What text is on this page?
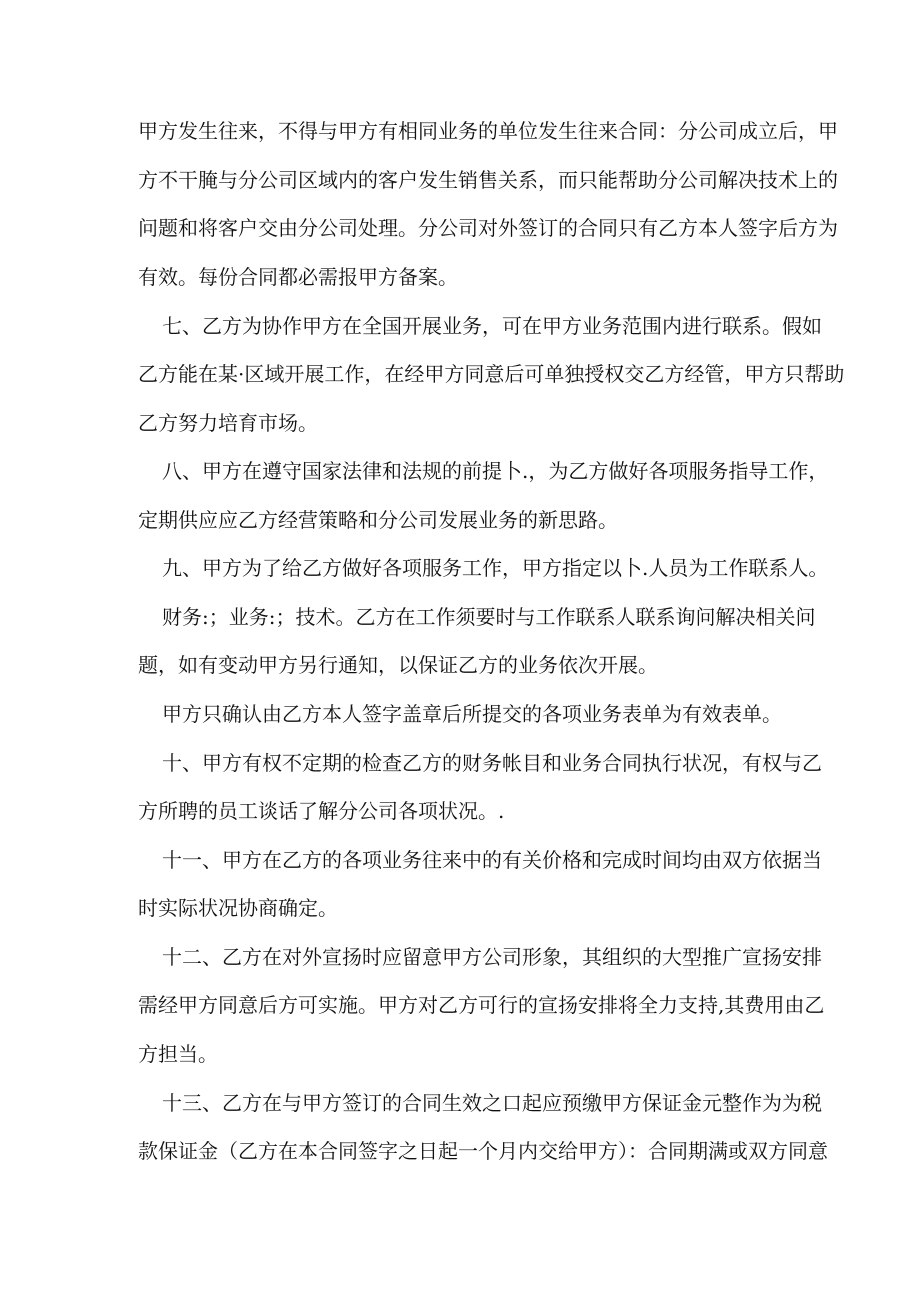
甲方发生往来，不得与甲方有相同业务的单位发生往来合同：分公司成立后，甲
方不干腌与分公司区域内的客户发生销售关系，而只能帮助分公司解决技术上的
问题和将客户交由分公司处理。分公司对外签订的合同只有乙方本人签字后方为
有效。每份合同都必需报甲方备案。
七、乙方为协作甲方在全国开展业务，可在甲方业务范围内进行联系。假如
乙方能在某·区域开展工作，在经甲方同意后可单独授权交乙方经管，甲方只帮助
乙方努力培育市场。
八、甲方在遵守国家法律和法规的前提卜.，为乙方做好各项服务指导工作，
定期供应应乙方经营策略和分公司发展业务的新思路。
九、甲方为了给乙方做好各项服务工作，甲方指定以卜.人员为工作联系人。
财务:；业务:；技术。乙方在工作须要时与工作联系人联系询问解决相关问
题，如有变动甲方另行通知，以保证乙方的业务依次开展。
甲方只确认由乙方本人签字盖章后所提交的各项业务表单为有效表单。
十、甲方有权不定期的检查乙方的财务帐目和业务合同执行状况，有权与乙
方所聘的员工谈话了解分公司各项状况。.
十一、甲方在乙方的各项业务往来中的有关价格和完成时间均由双方依据当
时实际状况协商确定。
十二、乙方在对外宣扬时应留意甲方公司形象，其组织的大型推广宣扬安排
需经甲方同意后方可实施。甲方对乙方可行的宣扬安排将全力支持,其费用由乙
方担当。
十三、乙方在与甲方签订的合同生效之口起应预缴甲方保证金元整作为为税
款保证金（乙方在本合同签字之日起一个月内交给甲方）：合同期满或双方同意
